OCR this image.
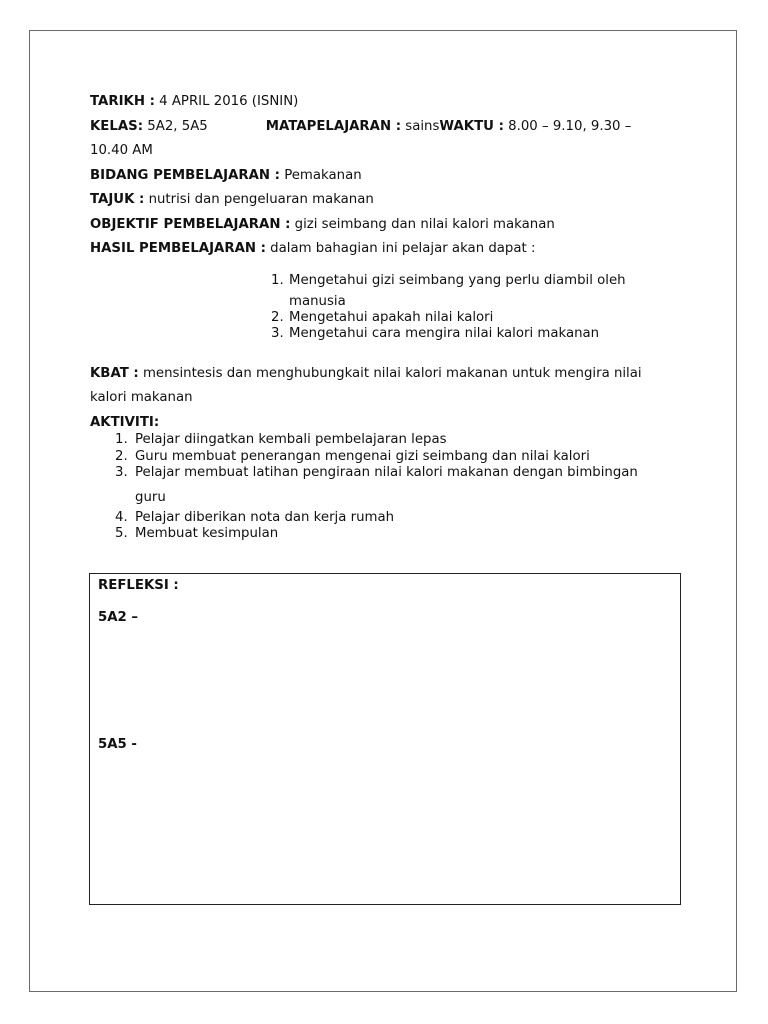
TARIKH : 4 APRIL 2016 (ISNIN)

KELAS: 5A2, 5A5	MATAPELAJARAN : sainsWAKTU : 8.00 – 9.10, 9.30 –

10.40 AM

BIDANG PEMBELAJARAN : Pemakanan

TAJUK : nutrisi dan pengeluaran makanan

OBJEKTIF PEMBELAJARAN : gizi seimbang dan nilai kalori makanan

HASIL PEMBELAJARAN : dalam bahagian ini pelajar akan dapat :

1. Mengetahui gizi seimbang yang perlu diambil oleh
manusia
2. Mengetahui apakah nilai kalori
3. Mengetahui cara mengira nilai kalori makanan

KBAT : mensintesis dan menghubungkait nilai kalori makanan untuk mengira nilai

kalori makanan

AKTIVITI:

1. Pelajar diingatkan kembali pembelajaran lepas
2. Guru membuat penerangan mengenai gizi seimbang dan nilai kalori
3. Pelajar membuat latihan pengiraan nilai kalori makanan dengan bimbingan
guru
4. Pelajar diberikan nota dan kerja rumah
5. Membuat kesimpulan
REFLEKSI :
5A2 –
5A5 -
